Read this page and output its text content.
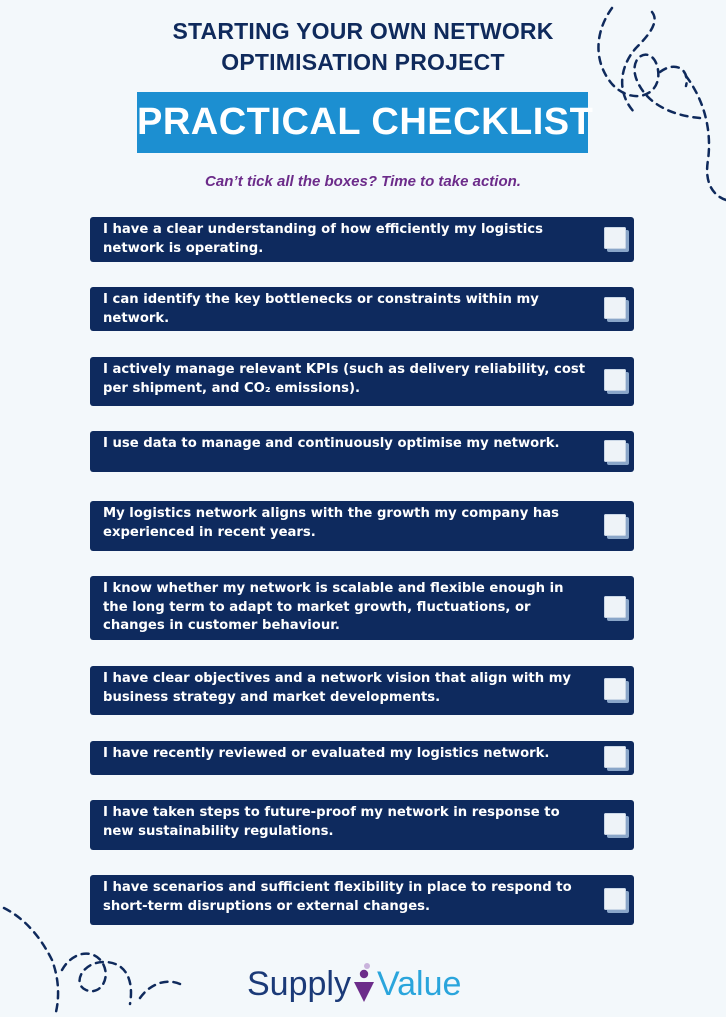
STARTING YOUR OWN NETWORK
OPTIMISATION PROJECT
PRACTICAL CHECKLIST
Can’t tick all the boxes? Time to take action.
I have a clear understanding of how efficiently my logistics network is operating.
I can identify the key bottlenecks or constraints within my network.
I actively manage relevant KPIs (such as delivery reliability, cost per shipment, and CO₂ emissions).
I use data to manage and continuously optimise my network.
My logistics network aligns with the growth my company has experienced in recent years.
I know whether my network is scalable and flexible enough in the long term to adapt to market growth, fluctuations, or changes in customer behaviour.
I have clear objectives and a network vision that align with my business strategy and market developments.
I have recently reviewed or evaluated my logistics network.
I have taken steps to future-proof my network in response to new sustainability regulations.
I have scenarios and sufficient flexibility in place to respond to short-term disruptions or external changes.
Supply Value
